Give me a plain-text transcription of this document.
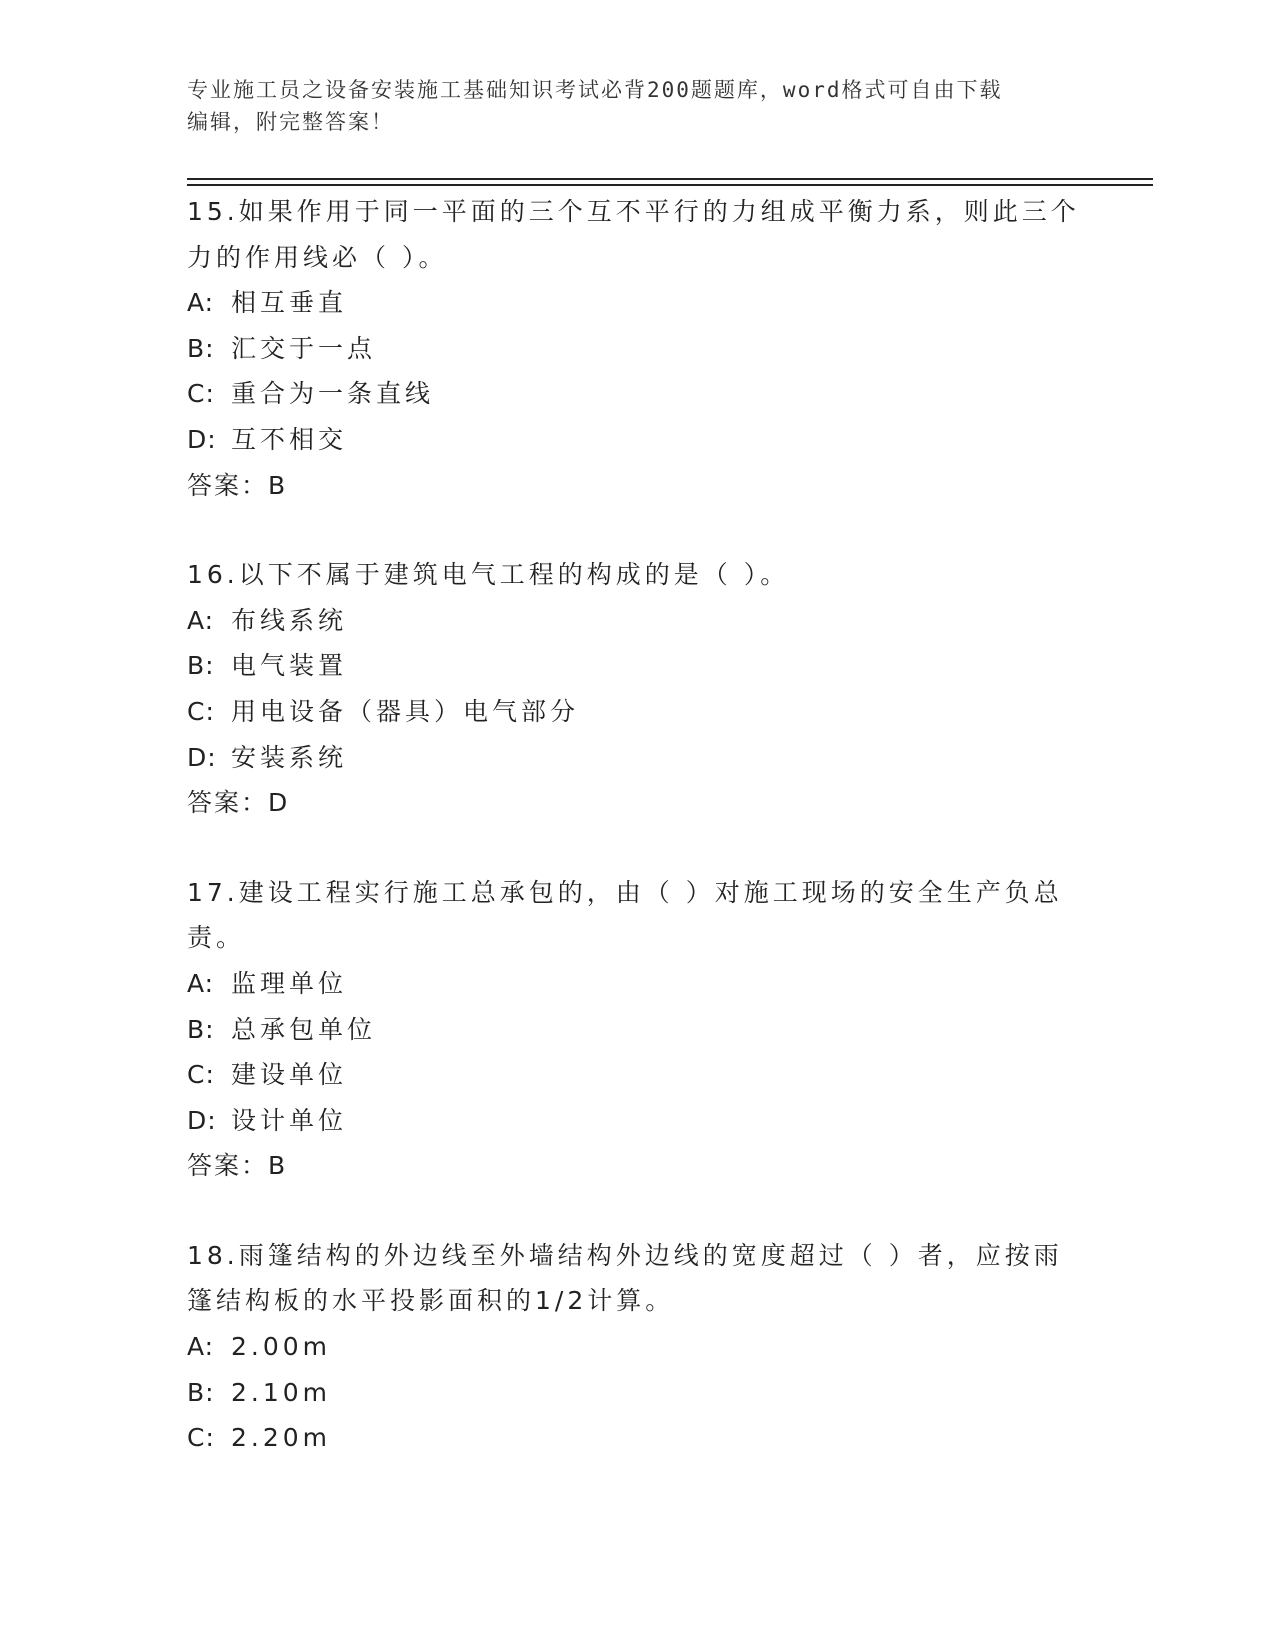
专业施工员之设备安装施工基础知识考试必背200题题库，word格式可自由下载
编辑，附完整答案！
15.如果作用于同一平面的三个互不平行的力组成平衡力系，则此三个
力的作用线必（ ）。
A: 相互垂直
B: 汇交于一点
C: 重合为一条直线
D: 互不相交
答案：B
16.以下不属于建筑电气工程的构成的是（ ）。
A: 布线系统
B: 电气装置
C: 用电设备（器具）电气部分
D: 安装系统
答案：D
17.建设工程实行施工总承包的，由（ ）对施工现场的安全生产负总
责。
A: 监理单位
B: 总承包单位
C: 建设单位
D: 设计单位
答案：B
18.雨篷结构的外边线至外墙结构外边线的宽度超过（ ）者，应按雨
篷结构板的水平投影面积的1/2计算。
A: 2.00m
B: 2.10m
C: 2.20m
